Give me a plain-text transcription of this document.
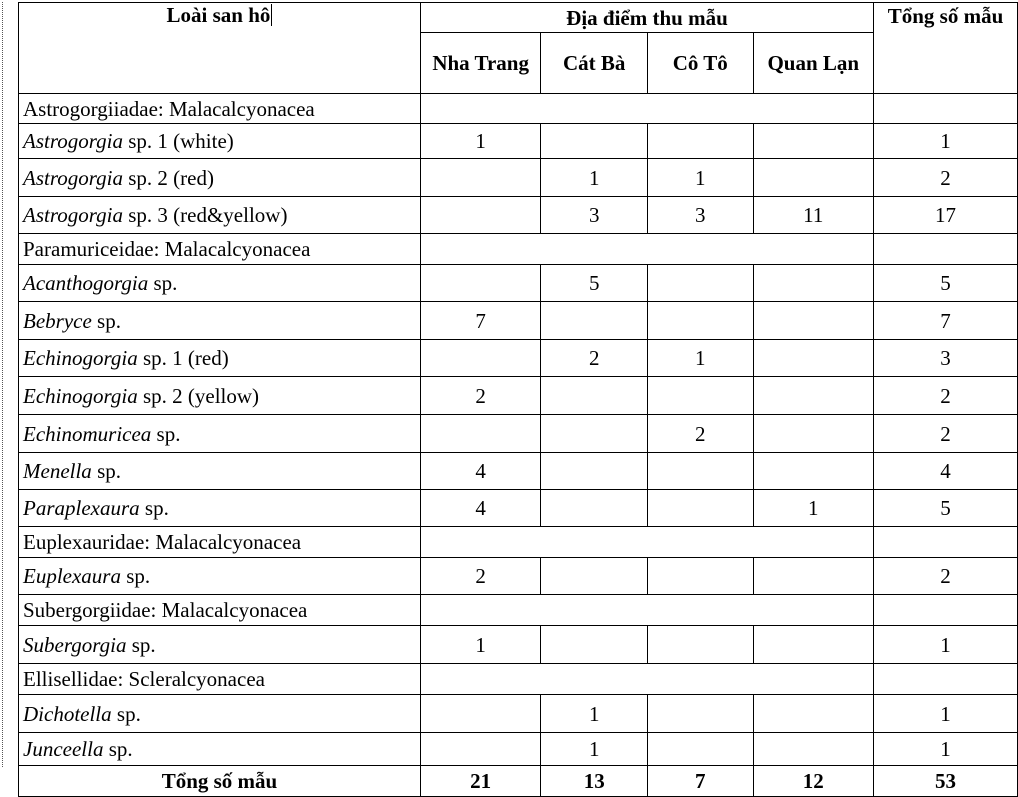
Loài san hô	Địa điểm thu mẫu				Tổng số mẫu
	Nha Trang	Cát Bà	Cô Tô	Quan Lạn	
Astrogorgiiadae: Malacalcyonacea					
Astrogorgia sp. 1 (white)	1				1
Astrogorgia sp. 2 (red)		1	1		2
Astrogorgia sp. 3 (red&yellow)		3	3	11	17
Paramuriceidae: Malacalcyonacea					
Acanthogorgia sp.		5			5
Bebryce sp.	7				7
Echinogorgia sp. 1 (red)		2	1		3
Echinogorgia sp. 2 (yellow)	2				2
Echinomuricea sp.			2		2
Menella sp.	4				4
Paraplexaura sp.	4			1	5
Euplexauridae: Malacalcyonacea					
Euplexaura sp.	2				2
Subergorgiidae: Malacalcyonacea					
Subergorgia sp.	1				1
Ellisellidae: Scleralcyonacea					
Dichotella sp.		1			1
Junceella sp.		1			1
Tổng số mẫu	21	13	7	12	53
